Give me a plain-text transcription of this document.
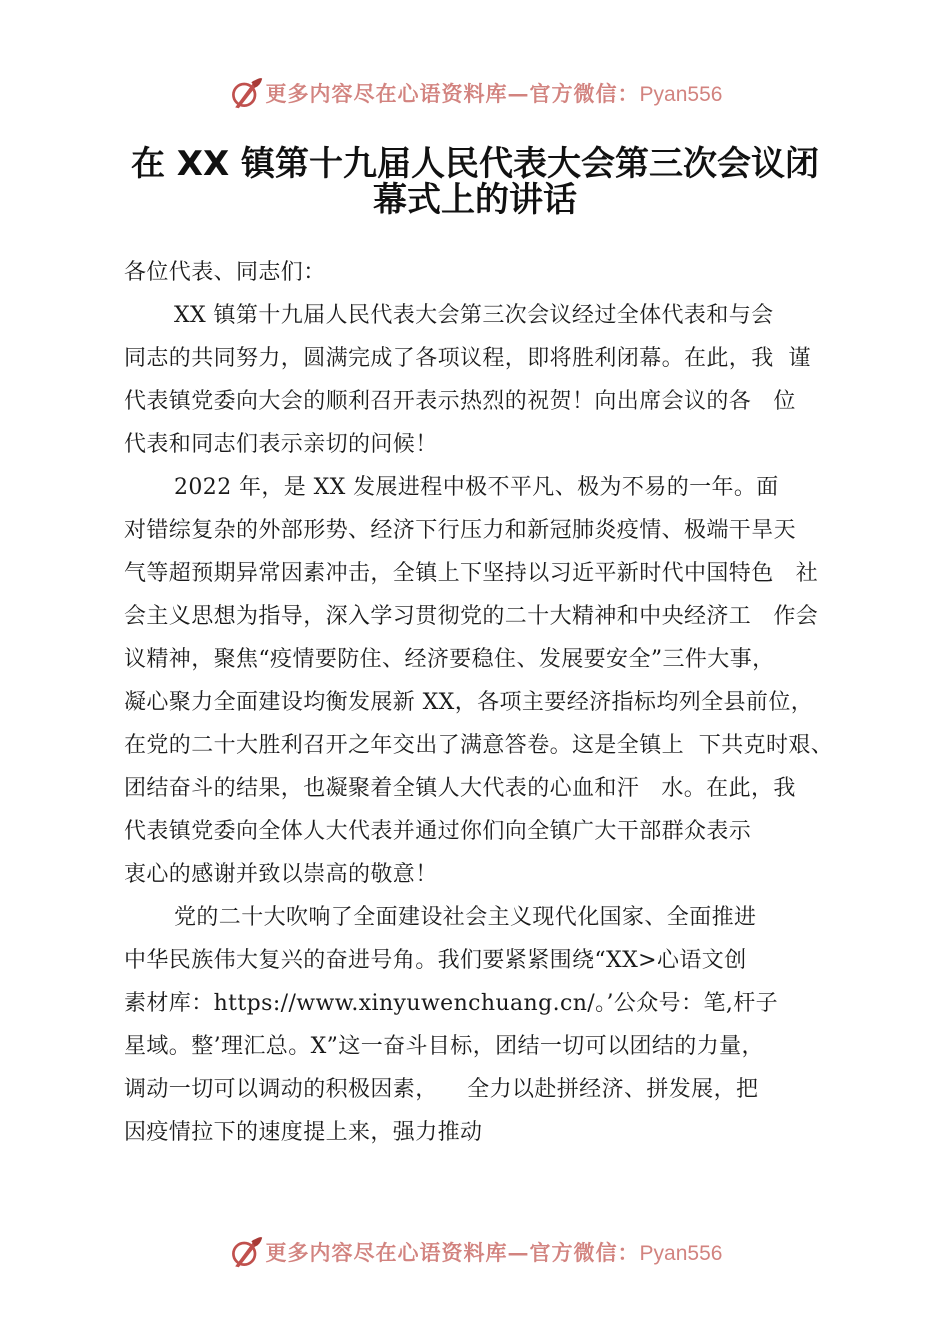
更多内容尽在心语资料库—官方微信：Pyan556
在 XX 镇第十九届人民代表大会第三次会议闭
幕式上的讲话
各位代表、同志们：
XX 镇第十九届人民代表大会第三次会议经过全体代表和与会
同志的共同努力，圆满完成了各项议程，即将胜利闭幕。在此，我  谨
代表镇党委向大会的顺利召开表示热烈的祝贺！向出席会议的各   位
代表和同志们表示亲切的问候！
2022 年，是 XX 发展进程中极不平凡、极为不易的一年。面
对错综复杂的外部形势、经济下行压力和新冠肺炎疫情、极端干旱天
气等超预期异常因素冲击，全镇上下坚持以习近平新时代中国特色   社
会主义思想为指导，深入学习贯彻党的二十大精神和中央经济工   作会
议精神，聚焦“疫情要防住、经济要稳住、发展要安全”三件大事，
凝心聚力全面建设均衡发展新 XX，各项主要经济指标均列全县前位，
在党的二十大胜利召开之年交出了满意答卷。这是全镇上  下共克时艰、
团结奋斗的结果，也凝聚着全镇人大代表的心血和汗   水。在此，我
代表镇党委向全体人大代表并通过你们向全镇广大干部群众表示
衷心的感谢并致以崇高的敬意！
党的二十大吹响了全面建设社会主义现代化国家、全面推进
中华民族伟大复兴的奋进号角。我们要紧紧围绕“XX>心语文创
素材库：https://www.xinyuwenchuang.cn/。’公众号：笔,杆子
星域。整’理汇总。X”这一奋斗目标，团结一切可以团结的力量，
调动一切可以调动的积极因素，    全力以赴拼经济、拼发展，把
因疫情拉下的速度提上来，强力推动
更多内容尽在心语资料库—官方微信：Pyan556
